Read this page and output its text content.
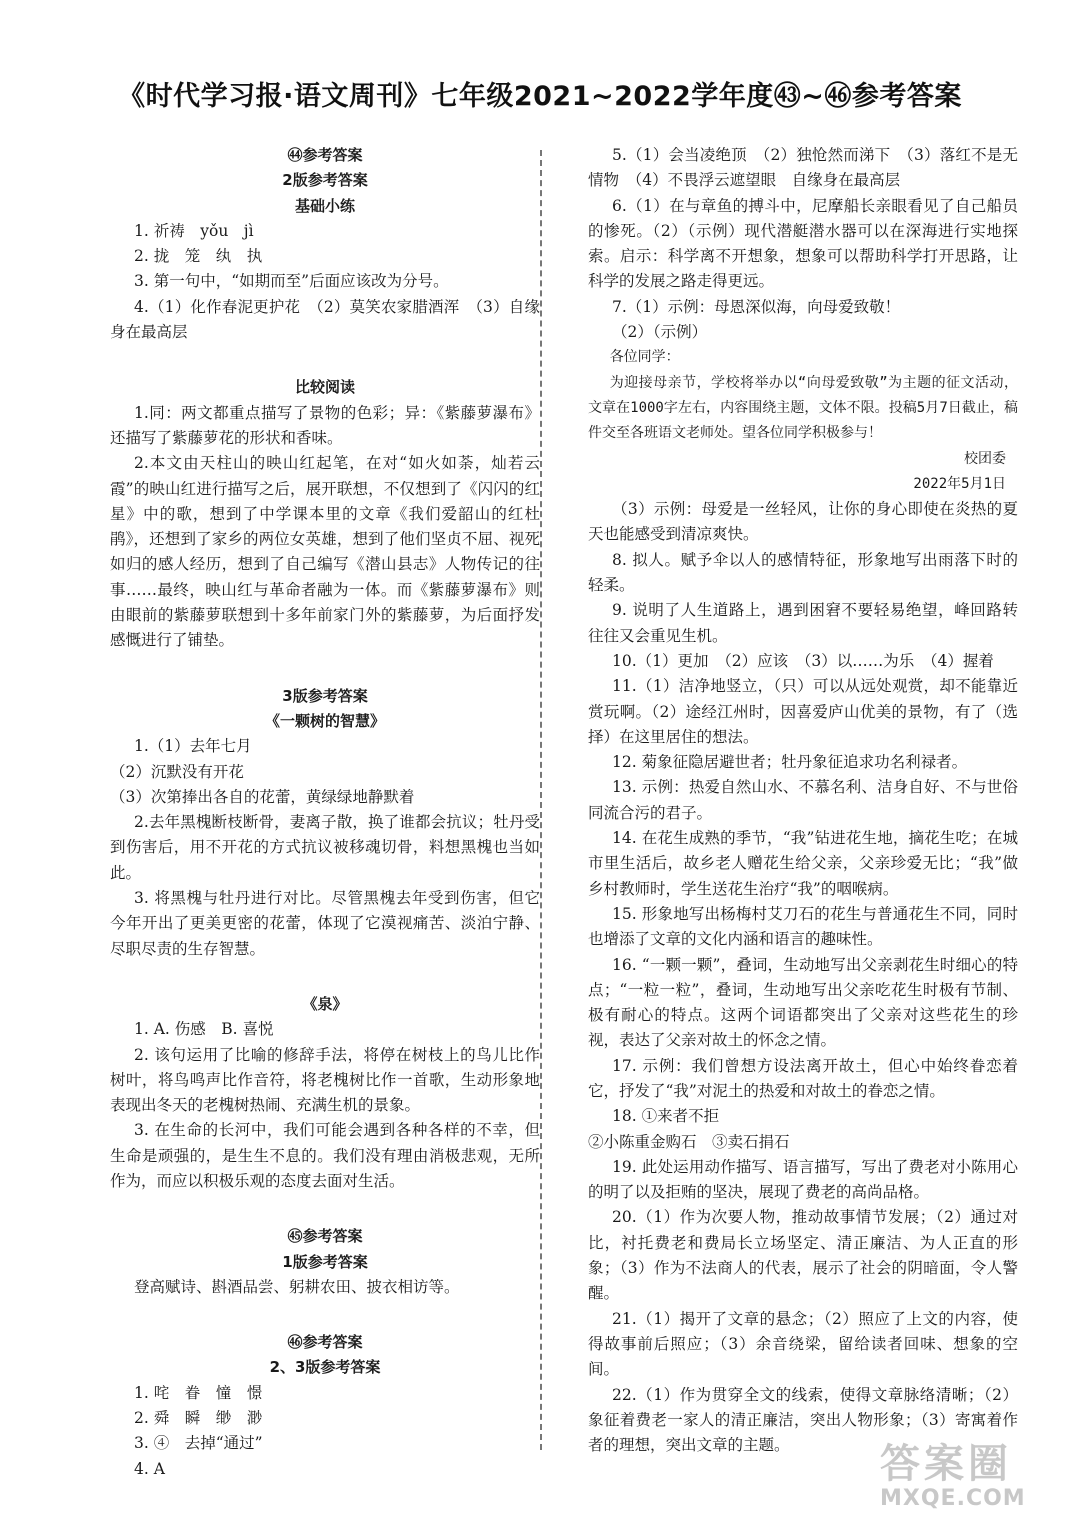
《时代学习报·语文周刊》七年级2021~2022学年度㊸~㊻参考答案

㊹参考答案

2版参考答案

基础小练

1. 祈祷　yǒu　jì

2. 拢　笼　纨　执

3. 第一句中，“如期而至”后面应该改为分号。

4.（1）化作春泥更护花　（2）莫笑农家腊酒浑　（3）自缘身在最高层

比较阅读

1.同：两文都重点描写了景物的色彩；异：《紫藤萝瀑布》还描写了紫藤萝花的形状和香味。

2.本文由天柱山的映山红起笔，在对“如火如荼，灿若云霞”的映山红进行描写之后，展开联想，不仅想到了《闪闪的红星》中的歌，想到了中学课本里的文章《我们爱韶山的红杜鹃》，还想到了家乡的两位女英雄，想到了他们坚贞不屈、视死如归的感人经历，想到了自己编写《潜山县志》人物传记的往事……最终，映山红与革命者融为一体。而《紫藤萝瀑布》则由眼前的紫藤萝联想到十多年前家门外的紫藤萝，为后面抒发感慨进行了铺垫。

3版参考答案

《一颗树的智慧》

1.（1）去年七月

（2）沉默没有开花

（3）次第捧出各自的花蕾，黄绿绿地静默着

2.去年黑槐断枝断骨，妻离子散，换了谁都会抗议；牡丹受到伤害后，用不开花的方式抗议被移魂切骨，料想黑槐也当如此。

3. 将黑槐与牡丹进行对比。尽管黑槐去年受到伤害，但它今年开出了更美更密的花蕾，体现了它漠视痛苦、淡泊宁静、尽职尽责的生存智慧。

《泉》

1. A. 伤感　B. 喜悦

2. 该句运用了比喻的修辞手法，将停在树枝上的鸟儿比作树叶，将鸟鸣声比作音符，将老槐树比作一首歌，生动形象地表现出冬天的老槐树热闹、充满生机的景象。

3. 在生命的长河中，我们可能会遇到各种各样的不幸，但生命是顽强的，是生生不息的。我们没有理由消极悲观，无所作为，而应以积极乐观的态度去面对生活。

㊺参考答案

1版参考答案

登高赋诗、斟酒品尝、躬耕农田、披衣相访等。

㊻参考答案

2、3版参考答案

1. 咤　眷　憧　憬

2. 舜　瞬　缈　渺

3. ④　去掉“通过”

4. A

5.（1）会当凌绝顶　（2）独怆然而涕下　（3）落红不是无情物　（4）不畏浮云遮望眼　自缘身在最高层

6.（1）在与章鱼的搏斗中，尼摩船长亲眼看见了自己船员的惨死。（2）（示例）现代潜艇潜水器可以在深海进行实地探索。启示：科学离不开想象，想象可以帮助科学打开思路，让科学的发展之路走得更远。

7.（1）示例：母恩深似海，向母爱致敬！

（2）（示例）

各位同学：

为迎接母亲节，学校将举办以“向母爱致敬”为主题的征文活动，文章在1000字左右，内容围绕主题，文体不限。投稿5月7日截止，稿件交至各班语文老师处。望各位同学积极参与！

校团委

2022年5月1日

（3）示例：母爱是一丝轻风，让你的身心即使在炎热的夏天也能感受到清凉爽快。

8. 拟人。赋予伞以人的感情特征，形象地写出雨落下时的轻柔。

9. 说明了人生道路上，遇到困窘不要轻易绝望，峰回路转往往又会重见生机。

10.（1）更加　（2）应该　（3）以……为乐　（4）握着

11.（1）洁净地竖立，（只）可以从远处观赏，却不能靠近赏玩啊。（2）途经江州时，因喜爱庐山优美的景物，有了（选择）在这里居住的想法。

12. 菊象征隐居避世者；牡丹象征追求功名利禄者。

13. 示例：热爱自然山水、不慕名利、洁身自好、不与世俗同流合污的君子。

14. 在花生成熟的季节，“我”钻进花生地，摘花生吃；在城市里生活后，故乡老人赠花生给父亲，父亲珍爱无比；“我”做乡村教师时，学生送花生治疗“我”的咽喉病。

15. 形象地写出杨梅村艾刀石的花生与普通花生不同，同时也增添了文章的文化内涵和语言的趣味性。

16. “一颗一颗”，叠词，生动地写出父亲剥花生时细心的特点；“一粒一粒”，叠词，生动地写出父亲吃花生时极有节制、极有耐心的特点。这两个词语都突出了父亲对这些花生的珍视，表达了父亲对故土的怀念之情。

17. 示例：我们曾想方设法离开故土，但心中始终眷恋着它，抒发了“我”对泥土的热爱和对故土的眷恋之情。

18. ①来者不拒

②小陈重金购石　③卖石捐石

19. 此处运用动作描写、语言描写，写出了费老对小陈用心的明了以及拒贿的坚决，展现了费老的高尚品格。

20.（1）作为次要人物，推动故事情节发展；（2）通过对比，衬托费老和费局长立场坚定、清正廉洁、为人正直的形象；（3）作为不法商人的代表，展示了社会的阴暗面，令人警醒。

21.（1）揭开了文章的悬念；（2）照应了上文的内容，使得故事前后照应；（3）余音绕梁，留给读者回味、想象的空间。

22.（1）作为贯穿全文的线索，使得文章脉络清晰；（2）象征着费老一家人的清正廉洁，突出人物形象；（3）寄寓着作者的理想，突出文章的主题。	答案圈
MXQE.COM
